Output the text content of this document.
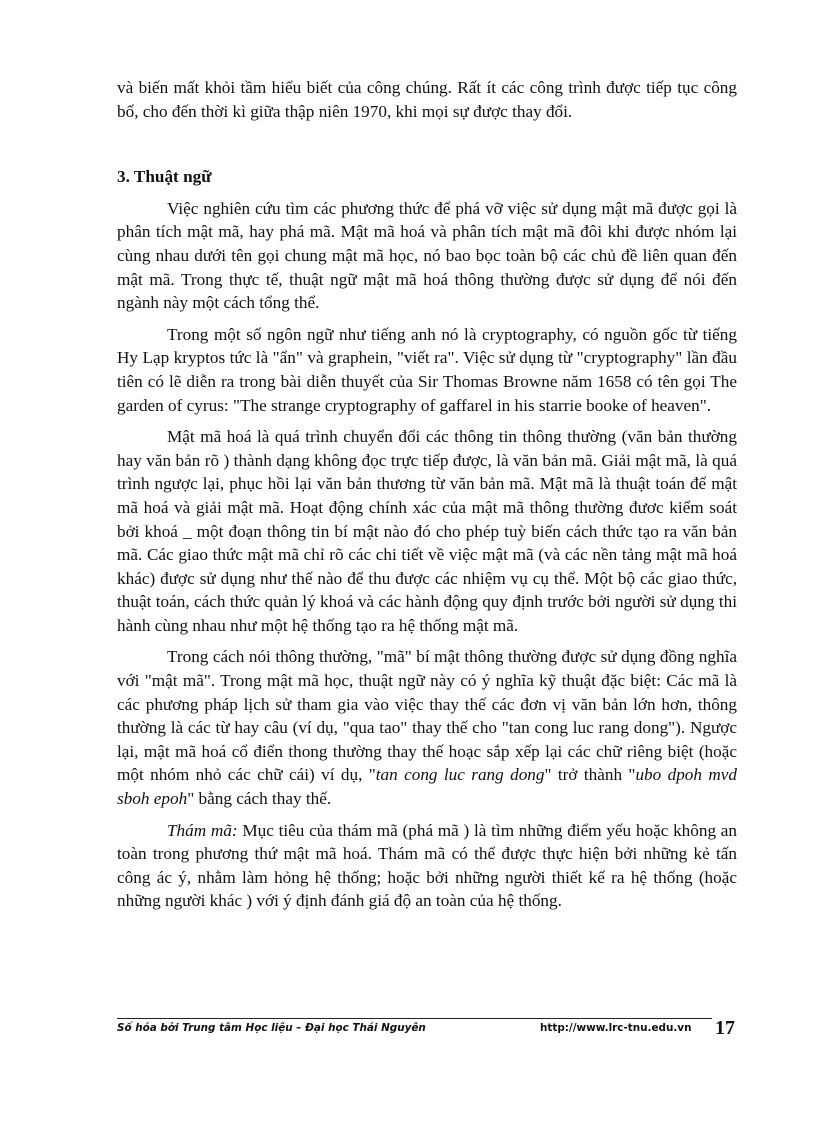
và biến mất khỏi tầm hiểu biết của công chúng. Rất ít các công trình được tiếp tục công bố, cho đến thời kì giữa thập niên 1970, khi mọi sự được thay đổi.

3. Thuật ngữ

Việc nghiên cứu tìm các phương thức để phá vỡ việc sử dụng mật mã được gọi là phân tích mật mã, hay phá mã. Mật mã hoá và phân tích mật mã đôi khi được nhóm lại cùng nhau dưới tên gọi chung mật mã học, nó bao bọc toàn bộ các chủ đề liên quan đến mật mã. Trong thực tế, thuật ngữ mật mã hoá thông thường được sử dụng để nói đến ngành này một cách tổng thể.

Trong một số ngôn ngữ như tiếng anh nó là cryptography, có nguồn gốc từ tiếng Hy Lạp kryptos tức là "ẩn" và graphein, "viết ra". Việc sử dụng từ "cryptography" lần đầu tiên có lẽ diễn ra trong bài diễn thuyết của Sir Thomas Browne năm 1658 có tên gọi The garden of cyrus: "The strange cryptography of gaffarel in his starrie booke of heaven".

Mật mã hoá là quá trình chuyển đổi các thông tin thông thường (văn bản thường hay văn bản rõ ) thành dạng không đọc trực tiếp được, là văn bản mã. Giải mật mã, là quá trình ngược lại, phục hồi lại văn bản thương từ văn bản mã. Mật mã là thuật toán để mật mã hoá và giải mật mã. Hoạt động chính xác của mật mã thông thường đươc kiểm soát bởi khoá _ một đoạn thông tin bí mật nào đó cho phép tuỳ biến cách thức tạo ra văn bản mã. Các giao thức mật mã chỉ rõ các chi tiết về việc mật mã (và các nền tảng mật mã hoá khác) được sử dụng như thế nào để thu được các nhiệm vụ cụ thể. Một bộ các giao thức, thuật toán, cách thức quản lý khoá và các hành động quy định trước bởi người sử dụng thi hành cùng nhau như một hệ thống tạo ra hệ thống mật mã.

Trong cách nói thông thường, "mã" bí mật thông thường được sử dụng đồng nghĩa với "mật mã". Trong mật mã học, thuật ngữ này có ý nghĩa kỹ thuật đặc biệt: Các mã là các phương pháp lịch sử tham gia vào việc thay thế các đơn vị văn bản lớn hơn, thông thường là các từ hay câu (ví dụ, "qua tao" thay thế cho "tan cong luc rang dong"). Ngược lại, mật mã hoá cổ điển thong thường thay thế hoạc sắp xếp lại các chữ riêng biệt (hoặc một nhóm nhỏ các chữ cái) ví dụ, "tan cong luc rang dong" trở thành "ubo dpoh mvd sboh epoh" bằng cách thay thế.

Thám mã: Mục tiêu của thám mã (phá mã ) là tìm những điểm yếu hoặc không an toàn trong phương thứ mật mã hoá. Thám mã có thể được thực hiện bởi những kẻ tấn công ác ý, nhằm làm hỏng hệ thống; hoặc bởi những người thiết kế ra hệ thống (hoặc những người khác ) với ý định đánh giá độ an toàn của hệ thống.

Số hóa bởi Trung tâm Học liệu – Đại học Thái Nguyên	http://www.lrc-tnu.edu.vn 17
